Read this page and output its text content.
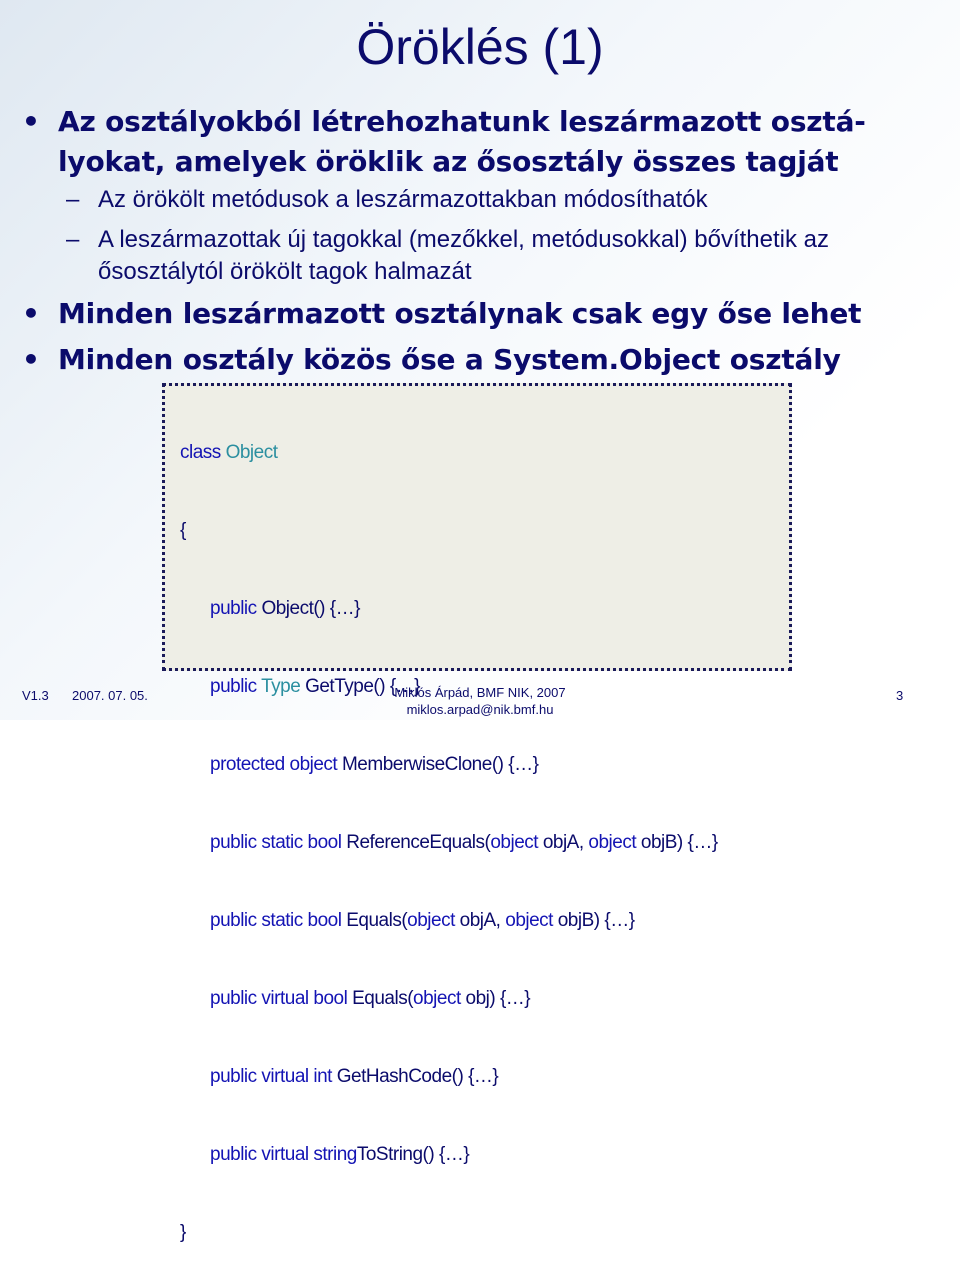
Öröklés (1)
• Az osztályokból létrehozhatunk leszármazott osztá-
lyokat, amelyek öröklik az ősosztály összes tagját
– Az örökölt metódusok a leszármazottakban módosíthatók
– A leszármazottak új tagokkal (mezőkkel, metódusokkal) bővíthetik az
ősosztálytól örökölt tagok halmazát
• Minden leszármazott osztálynak csak egy őse lehet
• Minden osztály közös őse a System.Object osztály

class Object

{

public Object() {…}

public Type GetType() {…}

protected object MemberwiseClone() {…}

public static bool ReferenceEquals(object objA, object objB) {…}

public static bool Equals(object objA, object objB) {…}

public virtual bool Equals(object obj) {…}

public virtual int GetHashCode() {…}

public virtual stringToString() {…}

}

V1.3 2007. 07. 05.	Miklós Árpád, BMF NIK, 2007
miklos.arpad@nik.bmf.hu
3
